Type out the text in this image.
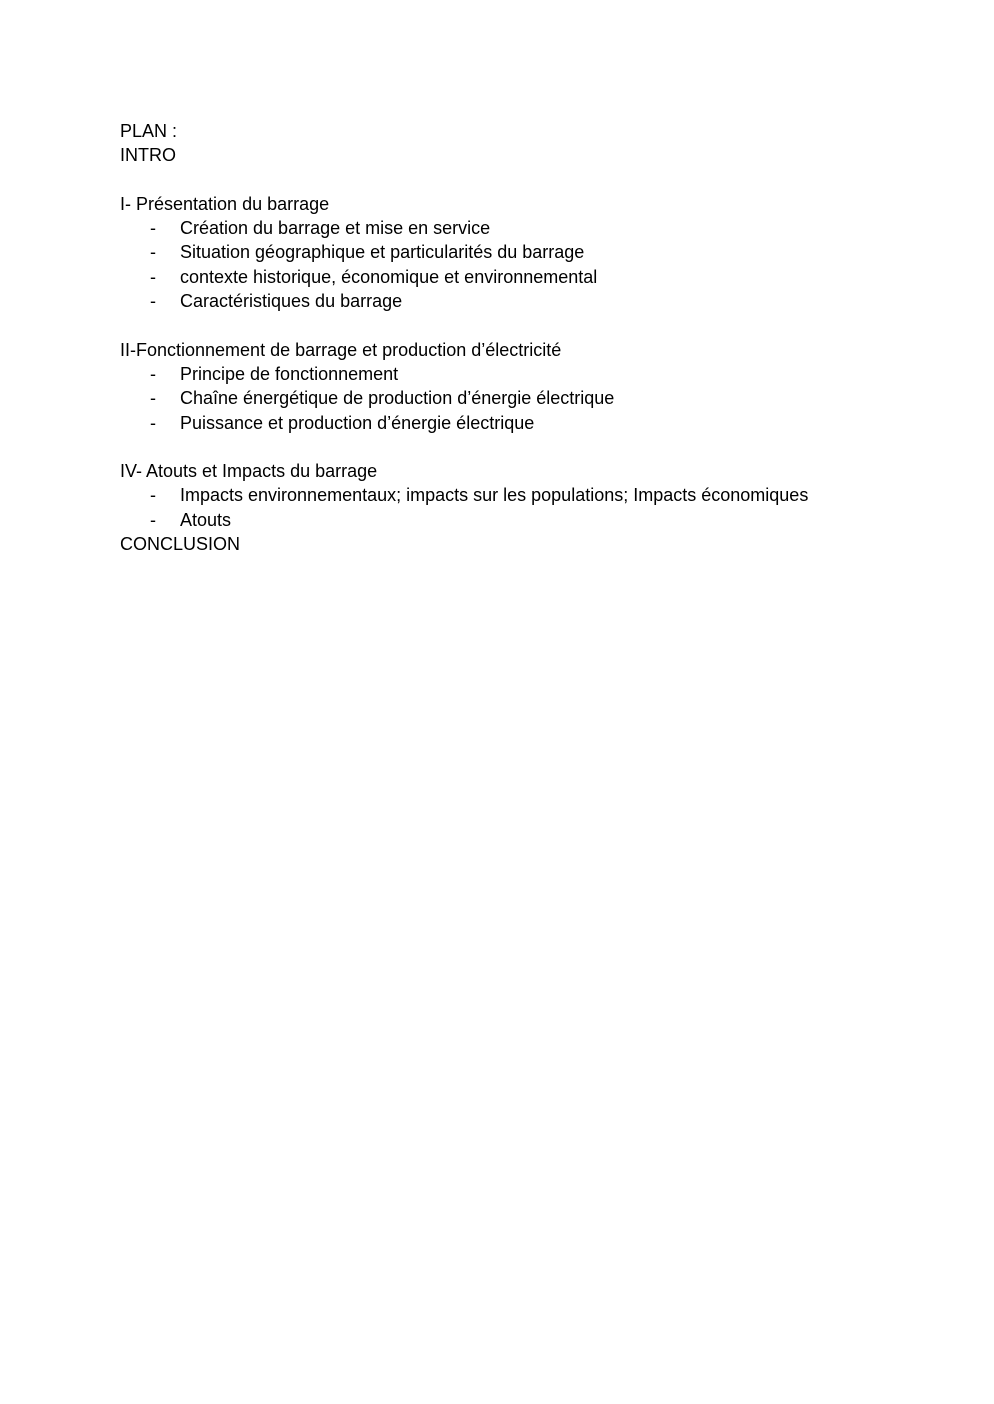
PLAN :
INTRO
I- Présentation du barrage
- Création du barrage et mise en service
- Situation géographique et particularités du barrage
- contexte historique, économique et environnemental
- Caractéristiques du barrage
II-Fonctionnement de barrage et production d’électricité
- Principe de fonctionnement
- Chaîne énergétique de production d’énergie électrique
- Puissance et production d’énergie électrique
IV- Atouts et Impacts du barrage
- Impacts environnementaux; impacts sur les populations; Impacts économiques
- Atouts
CONCLUSION
